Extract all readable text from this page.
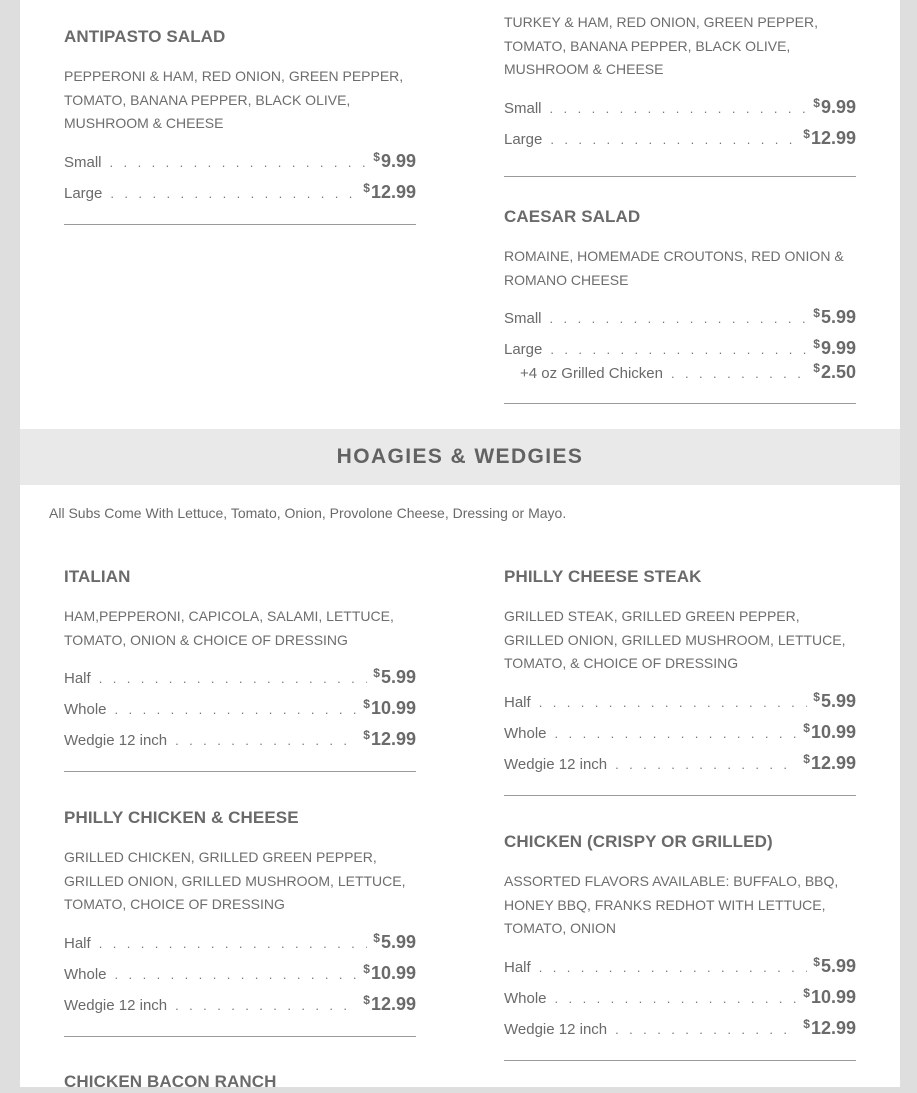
ANTIPASTO SALAD
PEPPERONI & HAM, RED ONION, GREEN PEPPER, TOMATO, BANANA PEPPER, BLACK OLIVE, MUSHROOM & CHEESE
Small . . .	$9.99
Large . . .	$12.99
TURKEY & HAM, RED ONION, GREEN PEPPER, TOMATO, BANANA PEPPER, BLACK OLIVE, MUSHROOM & CHEESE
Small . . .	$9.99
Large . . .	$12.99
CAESAR SALAD
ROMAINE, HOMEMADE CROUTONS, RED ONION & ROMANO CHEESE
Small . . .	$5.99
Large . . .	$9.99
+4 oz Grilled Chicken . . .	$2.50
HOAGIES & WEDGIES
All Subs Come With Lettuce, Tomato, Onion, Provolone Cheese, Dressing or Mayo.
ITALIAN
HAM,PEPPERONI, CAPICOLA, SALAMI, LETTUCE, TOMATO, ONION & CHOICE OF DRESSING
Half . . .	$5.99
Whole . . .	$10.99
Wedgie 12 inch . . .	$12.99
PHILLY CHEESE STEAK
GRILLED STEAK, GRILLED GREEN PEPPER, GRILLED ONION, GRILLED MUSHROOM, LETTUCE, TOMATO, & CHOICE OF DRESSING
Half . . .	$5.99
Whole . . .	$10.99
Wedgie 12 inch . . .	$12.99
PHILLY CHICKEN & CHEESE
GRILLED CHICKEN, GRILLED GREEN PEPPER, GRILLED ONION, GRILLED MUSHROOM, LETTUCE, TOMATO, CHOICE OF DRESSING
Half . . .	$5.99
Whole . . .	$10.99
Wedgie 12 inch . . .	$12.99
CHICKEN (CRISPY OR GRILLED)
ASSORTED FLAVORS AVAILABLE: BUFFALO, BBQ, HONEY BBQ, FRANKS REDHOT WITH LETTUCE, TOMATO, ONION
Half . . .	$5.99
Whole . . .	$10.99
Wedgie 12 inch . . .	$12.99
CHICKEN BACON RANCH
